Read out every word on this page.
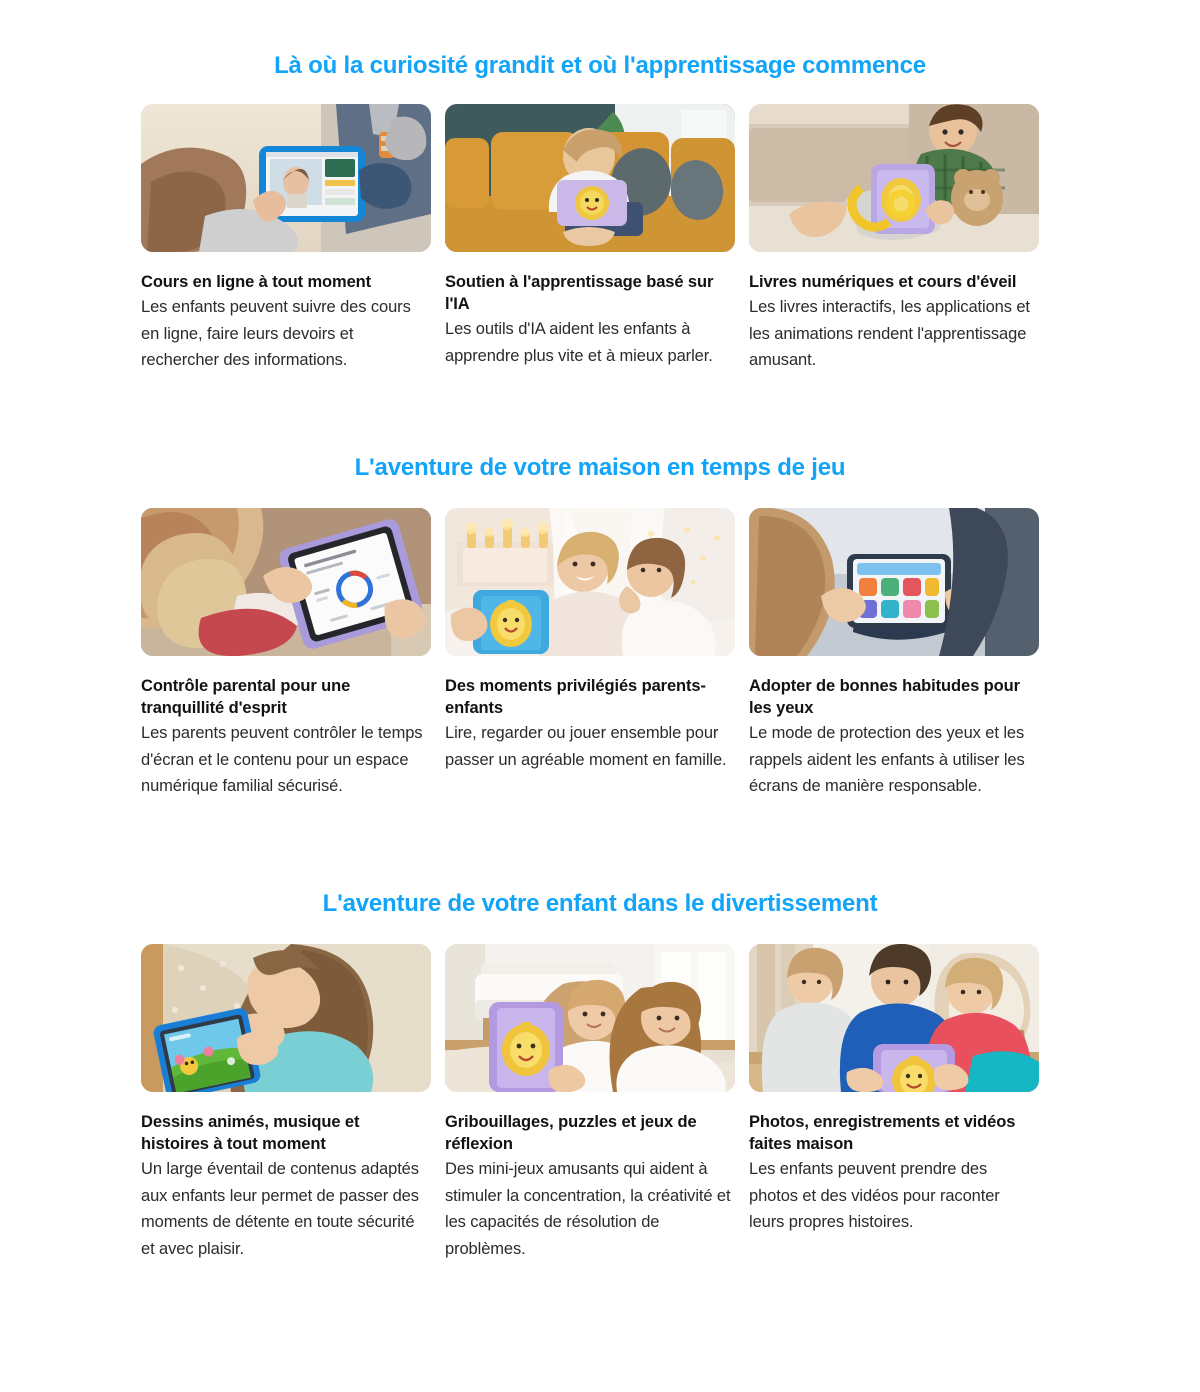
Là où la curiosité grandit et où l'apprentissage commence
Cours en ligne à tout moment
Les enfants peuvent suivre des cours en ligne, faire leurs devoirs et rechercher des informations.
Soutien à l'apprentissage basé sur l'IA
Les outils d'IA aident les enfants à apprendre plus vite et à mieux parler.
Livres numériques et cours d'éveil
Les livres interactifs, les applications et les animations rendent l'apprentissage amusant.
L'aventure de votre maison en temps de jeu
Contrôle parental pour une tranquillité d'esprit
Les parents peuvent contrôler le temps d'écran et le contenu pour un espace numérique familial sécurisé.
Des moments privilégiés parents-enfants
Lire, regarder ou jouer ensemble pour passer un agréable moment en famille.
Adopter de bonnes habitudes pour les yeux
Le mode de protection des yeux et les rappels aident les enfants à utiliser les écrans de manière responsable.
L'aventure de votre enfant dans le divertissement
Dessins animés, musique et histoires à tout moment
Un large éventail de contenus adaptés aux enfants leur permet de passer des moments de détente en toute sécurité et avec plaisir.
Gribouillages, puzzles et jeux de réflexion
Des mini-jeux amusants qui aident à stimuler la concentration, la créativité et les capacités de résolution de problèmes.
Photos, enregistrements et vidéos faites maison
Les enfants peuvent prendre des photos et des vidéos pour raconter leurs propres histoires.
